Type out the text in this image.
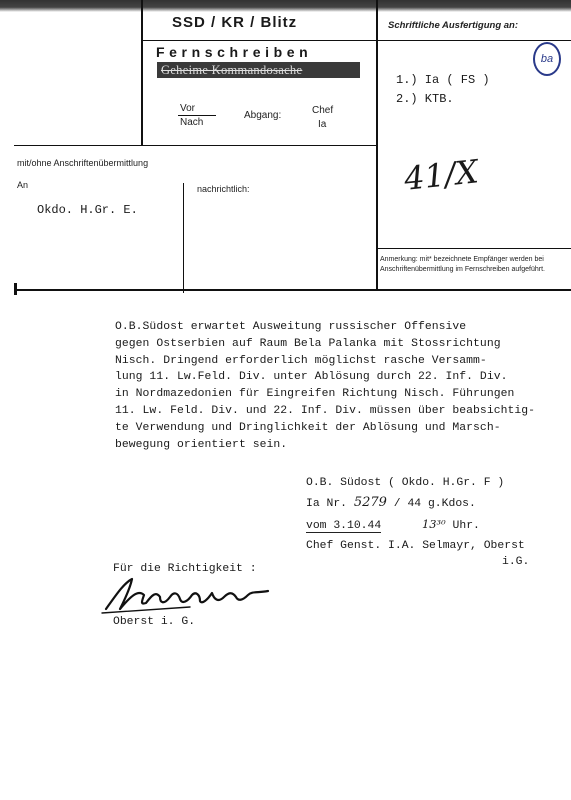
SSD / KR / Blitz
Fernschreiben
Geheime Kommandosache
Vor
Nach
Abgang:	Chef
Ia
Schriftliche Ausfertigung an:
1.) Ia ( FS )
2.) KTB.
41/X
ba
mit/ohne Anschriftenübermittlung
An
Okdo. H.Gr. E.
nachrichtlich:
Anmerkung: mit* bezeichnete Empfänger werden bei Anschriftenübermittlung im Fernschreiben aufgeführt.
O.B.Südost erwartet Ausweitung russischer Offensive
gegen Ostserbien auf Raum Bela Palanka mit Stossrichtung
Nisch. Dringend erforderlich möglichst rasche Versamm-
lung 11. Lw.Feld. Div. unter Ablösung durch 22. Inf. Div.
in Nordmazedonien für Eingreifen Richtung Nisch. Führungen
11. Lw. Feld. Div. und 22. Inf. Div. müssen über beabsichtig-
te Verwendung und Dringlichkeit der Ablösung und Marsch-
bewegung orientiert sein.
O.B. Südost ( Okdo. H.Gr. F )
Ia Nr. 5279 / 44 g.Kdos.
vom 3.10.44	13³⁰ Uhr.
Chef Genst. I.A. Selmayr, Oberst
i.G.
Für die Richtigkeit :
Oberst i. G.
